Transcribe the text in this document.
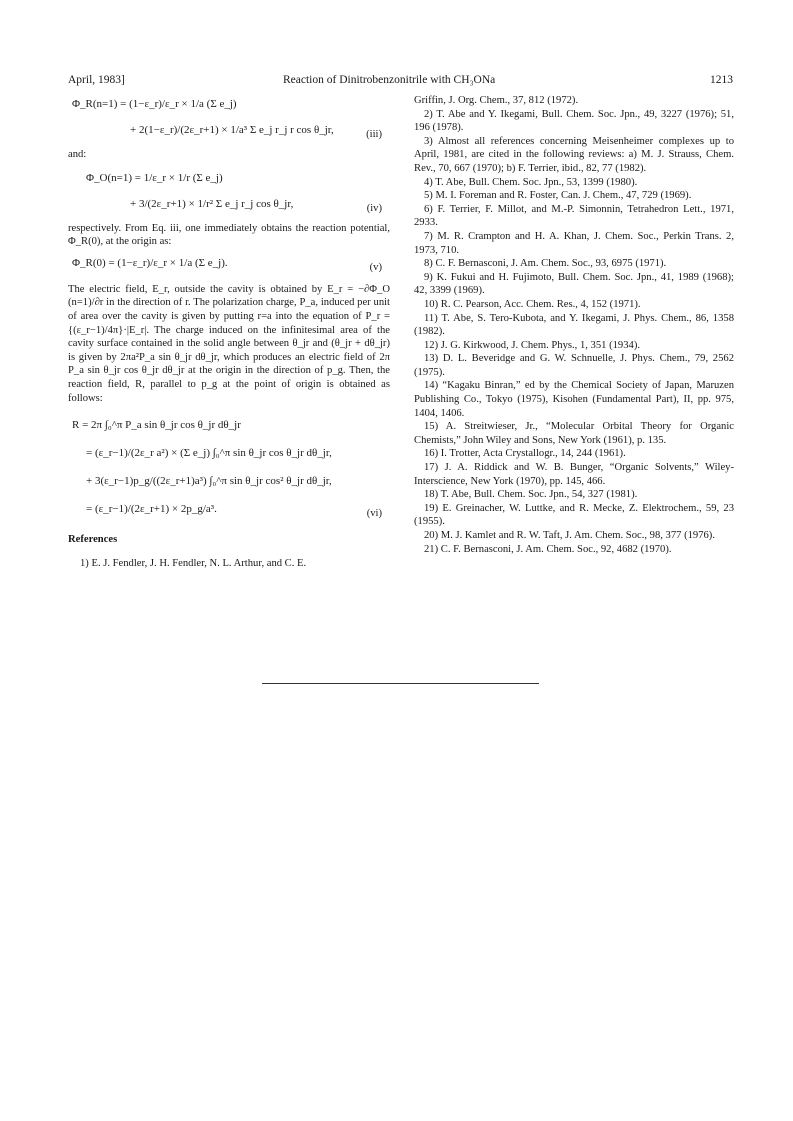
April, 1983]	Reaction of Dinitrobenzonitrile with CH₃ONa	1213
Φ_R(n=1) = (1−ε_r)/ε_r × 1/a (Σ e_j)
+ 2(1−ε_r)/(2ε_r+1) × 1/a³ Σ e_j r_j r cos θ_jr,	(iii)

and:

Φ_O(n=1) = 1/ε_r × 1/r (Σ e_j)
+ 3/(2ε_r+1) × 1/r² Σ e_j r_j cos θ_jr,	(iv)

respectively. From Eq. iii, one immediately obtains the reaction potential, Φ_R(0), at the origin as:

Φ_R(0) = (1−ε_r)/ε_r × 1/a (Σ e_j).	(v)

The electric field, E_r, outside the cavity is obtained by E_r = −∂Φ_O (n=1)/∂r in the direction of r. The polarization charge, P_a, induced per unit of area over the cavity is given by putting r=a into the equation of P_r = {(ε_r−1)/4π}·|E_r|. The charge induced on the infinitesimal area of the cavity surface contained in the solid angle between θ_jr and (θ_jr + dθ_jr) is given by 2πa²P_a sin θ_jr dθ_jr, which produces an electric field of 2π P_a sin θ_jr cos θ_jr dθ_jr at the origin in the direction of p_g. Then, the reaction field, R, parallel to p_g at the point of origin is obtained as follows:

R = 2π ∫₀^π P_a sin θ_jr cos θ_jr dθ_jr
= (ε_r−1)/(2ε_r a²) × (Σ e_j) ∫₀^π sin θ_jr cos θ_jr dθ_jr,
+ 3(ε_r−1)p_g/((2ε_r+1)a³) ∫₀^π sin θ_jr cos² θ_jr dθ_jr,
= (ε_r−1)/(2ε_r+1) × 2p_g/a³.	(vi)

References

1) E. J. Fendler, J. H. Fendler, N. L. Arthur, and C. E.

Griffin, J. Org. Chem., 37, 812 (1972).

2) T. Abe and Y. Ikegami, Bull. Chem. Soc. Jpn., 49, 3227 (1976); 51, 196 (1978).

3) Almost all references concerning Meisenheimer complexes up to April, 1981, are cited in the following reviews: a) M. J. Strauss, Chem. Rev., 70, 667 (1970); b) F. Terrier, ibid., 82, 77 (1982).

4) T. Abe, Bull. Chem. Soc. Jpn., 53, 1399 (1980).

5) M. I. Foreman and R. Foster, Can. J. Chem., 47, 729 (1969).

6) F. Terrier, F. Millot, and M.-P. Simonnin, Tetrahedron Lett., 1971, 2933.

7) M. R. Crampton and H. A. Khan, J. Chem. Soc., Perkin Trans. 2, 1973, 710.

8) C. F. Bernasconi, J. Am. Chem. Soc., 93, 6975 (1971).

9) K. Fukui and H. Fujimoto, Bull. Chem. Soc. Jpn., 41, 1989 (1968); 42, 3399 (1969).

10) R. C. Pearson, Acc. Chem. Res., 4, 152 (1971).

11) T. Abe, S. Tero-Kubota, and Y. Ikegami, J. Phys. Chem., 86, 1358 (1982).

12) J. G. Kirkwood, J. Chem. Phys., 1, 351 (1934).

13) D. L. Beveridge and G. W. Schnuelle, J. Phys. Chem., 79, 2562 (1975).

14) “Kagaku Binran,” ed by the Chemical Society of Japan, Maruzen Publishing Co., Tokyo (1975), Kisohen (Fundamental Part), II, pp. 975, 1404, 1406.

15) A. Streitwieser, Jr., “Molecular Orbital Theory for Organic Chemists,” John Wiley and Sons, New York (1961), p. 135.

16) I. Trotter, Acta Crystallogr., 14, 244 (1961).

17) J. A. Riddick and W. B. Bunger, “Organic Solvents,” Wiley-Interscience, New York (1970), pp. 145, 466.

18) T. Abe, Bull. Chem. Soc. Jpn., 54, 327 (1981).

19) E. Greinacher, W. Luttke, and R. Mecke, Z. Elektrochem., 59, 23 (1955).

20) M. J. Kamlet and R. W. Taft, J. Am. Chem. Soc., 98, 377 (1976).

21) C. F. Bernasconi, J. Am. Chem. Soc., 92, 4682 (1970).
